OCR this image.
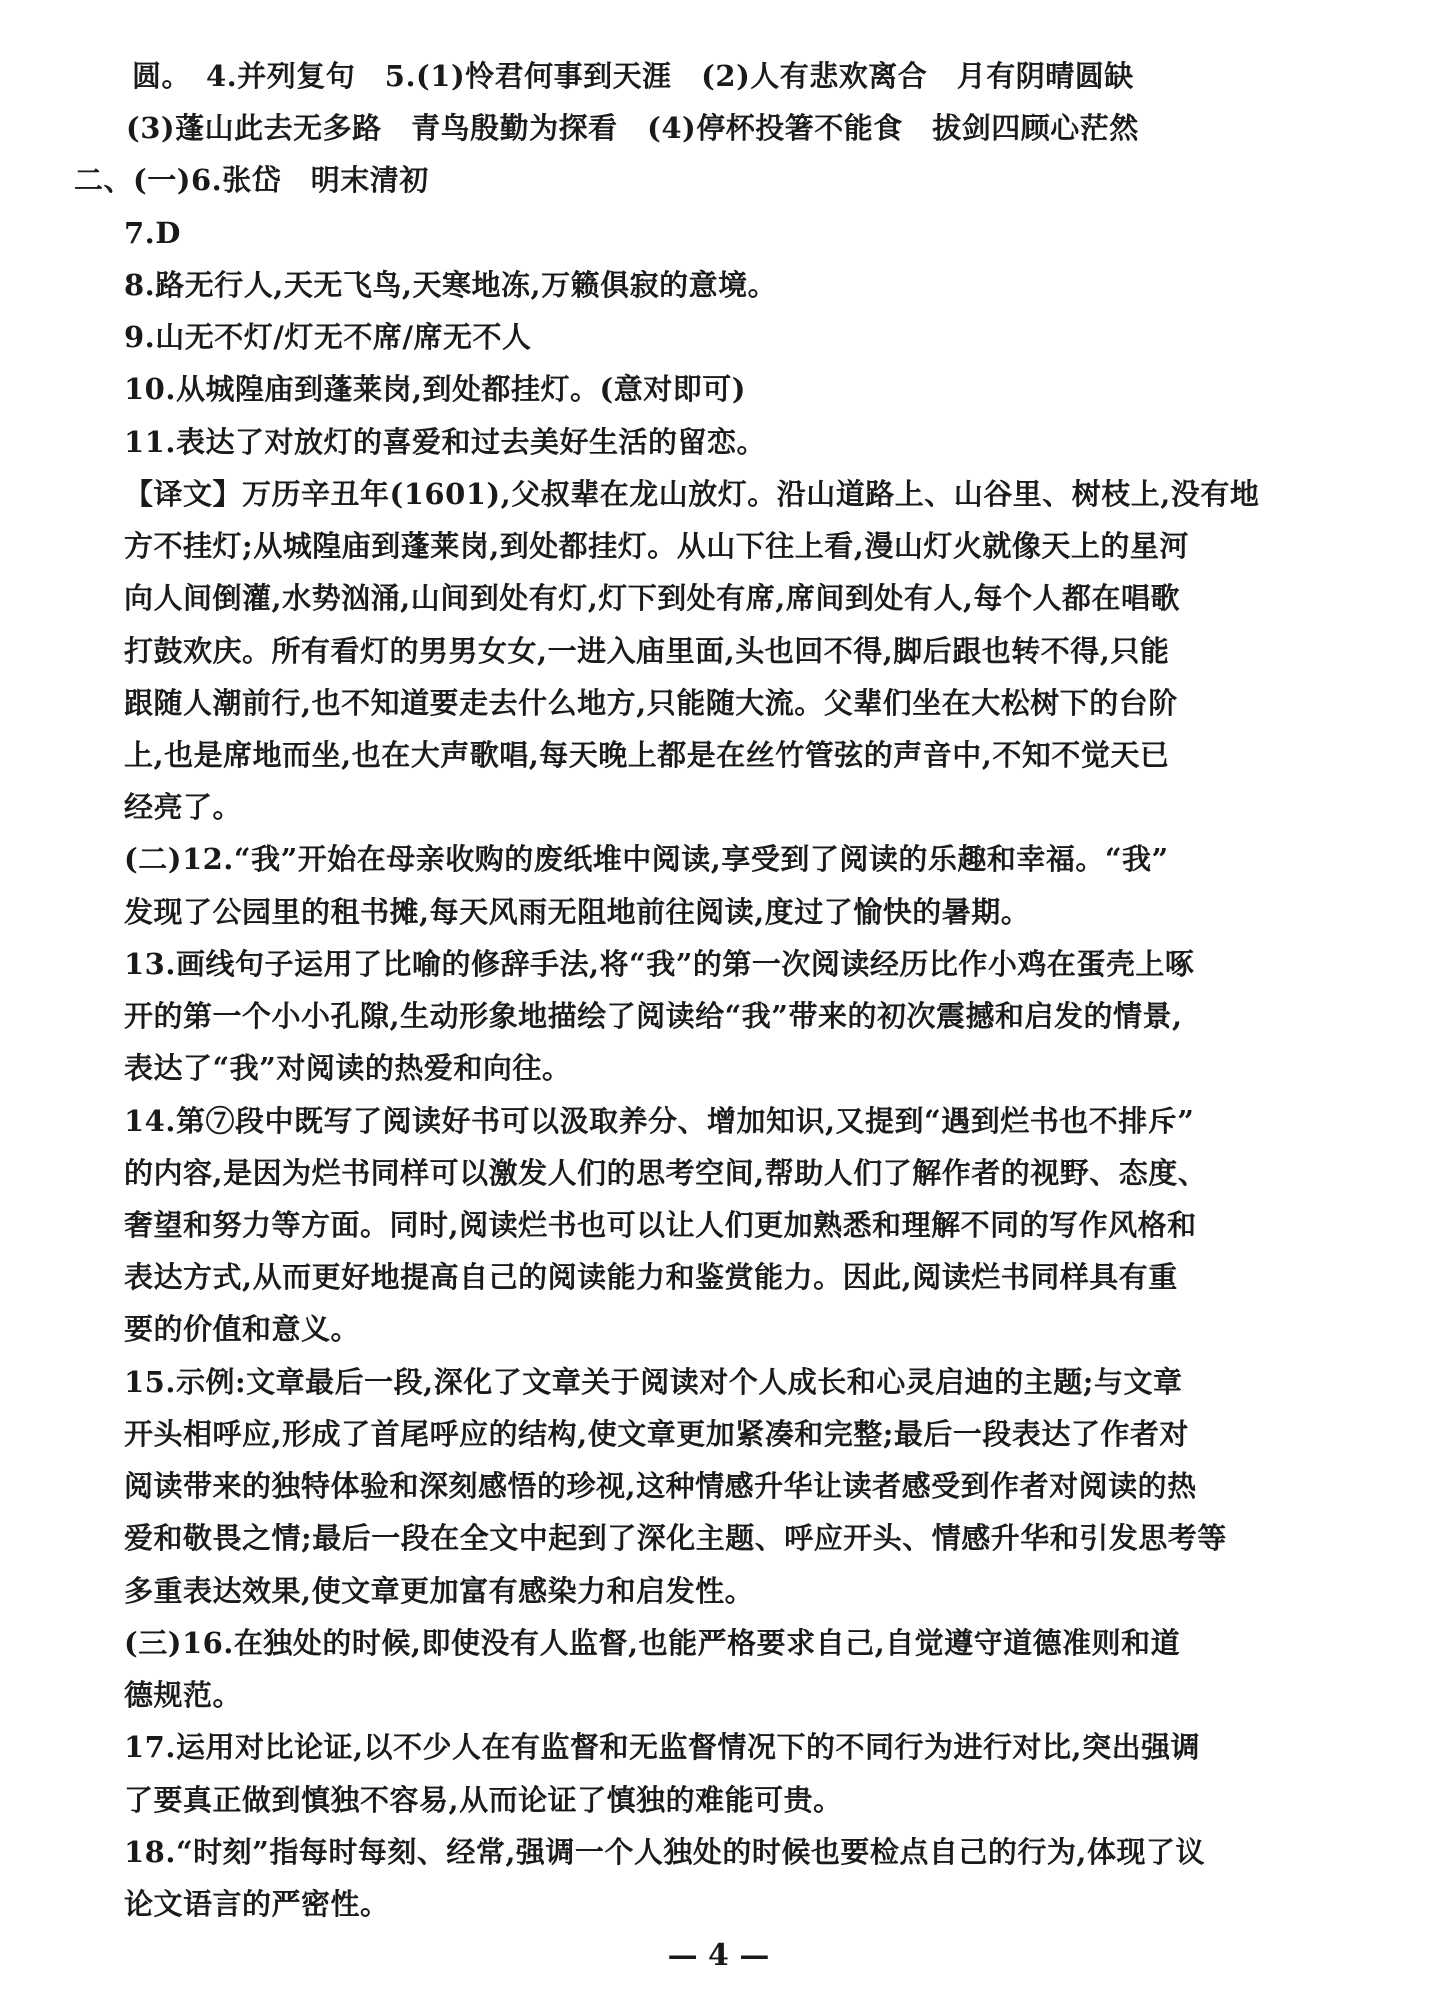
圆。　4.并列复句　5.(1)怜君何事到天涯　(2)人有悲欢离合　月有阴晴圆缺
(3)蓬山此去无多路　青鸟殷勤为探看　(4)停杯投箸不能食　拔剑四顾心茫然
二、(一)6.张岱　明末清初
7.D
8.路无行人,天无飞鸟,天寒地冻,万籁俱寂的意境。
9.山无不灯/灯无不席/席无不人
10.从城隍庙到蓬莱岗,到处都挂灯。(意对即可)
11.表达了对放灯的喜爱和过去美好生活的留恋。
【译文】万历辛丑年(1601),父叔辈在龙山放灯。沿山道路上、山谷里、树枝上,没有地
方不挂灯;从城隍庙到蓬莱岗,到处都挂灯。从山下往上看,漫山灯火就像天上的星河
向人间倒灌,水势汹涌,山间到处有灯,灯下到处有席,席间到处有人,每个人都在唱歌
打鼓欢庆。所有看灯的男男女女,一进入庙里面,头也回不得,脚后跟也转不得,只能
跟随人潮前行,也不知道要走去什么地方,只能随大流。父辈们坐在大松树下的台阶
上,也是席地而坐,也在大声歌唱,每天晚上都是在丝竹管弦的声音中,不知不觉天已
经亮了。
(二)12.“我”开始在母亲收购的废纸堆中阅读,享受到了阅读的乐趣和幸福。“我”
发现了公园里的租书摊,每天风雨无阻地前往阅读,度过了愉快的暑期。
13.画线句子运用了比喻的修辞手法,将“我”的第一次阅读经历比作小鸡在蛋壳上啄
开的第一个小小孔隙,生动形象地描绘了阅读给“我”带来的初次震撼和启发的情景,
表达了“我”对阅读的热爱和向往。
14.第⑦段中既写了阅读好书可以汲取养分、增加知识,又提到“遇到烂书也不排斥”
的内容,是因为烂书同样可以激发人们的思考空间,帮助人们了解作者的视野、态度、
奢望和努力等方面。同时,阅读烂书也可以让人们更加熟悉和理解不同的写作风格和
表达方式,从而更好地提高自己的阅读能力和鉴赏能力。因此,阅读烂书同样具有重
要的价值和意义。
15.示例:文章最后一段,深化了文章关于阅读对个人成长和心灵启迪的主题;与文章
开头相呼应,形成了首尾呼应的结构,使文章更加紧凑和完整;最后一段表达了作者对
阅读带来的独特体验和深刻感悟的珍视,这种情感升华让读者感受到作者对阅读的热
爱和敬畏之情;最后一段在全文中起到了深化主题、呼应开头、情感升华和引发思考等
多重表达效果,使文章更加富有感染力和启发性。
(三)16.在独处的时候,即使没有人监督,也能严格要求自己,自觉遵守道德准则和道
德规范。
17.运用对比论证,以不少人在有监督和无监督情况下的不同行为进行对比,突出强调
了要真正做到慎独不容易,从而论证了慎独的难能可贵。
18.“时刻”指每时每刻、经常,强调一个人独处的时候也要检点自己的行为,体现了议
论文语言的严密性。
— 4 —
